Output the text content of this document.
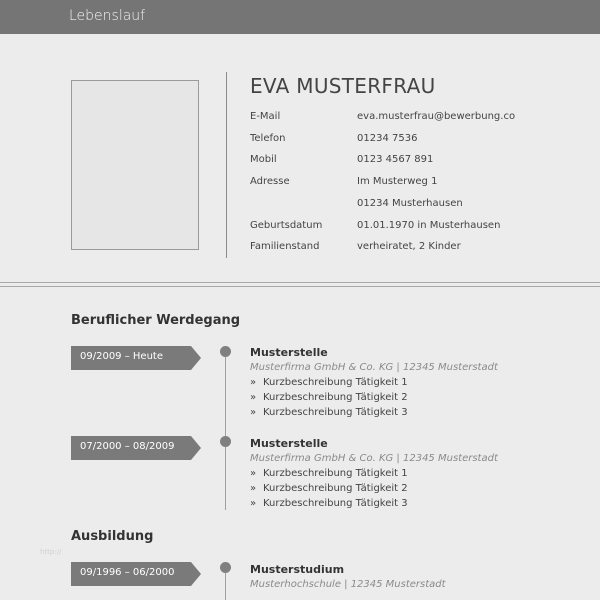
Lebenslauf
EVA MUSTERFRAU
E-Mail	eva.musterfrau@bewerbung.co
Telefon	01234 7536
Mobil	0123 4567 891
Adresse	Im Musterweg 1
01234 Musterhausen
Geburtsdatum	01.01.1970 in Musterhausen
Familienstand	verheiratet, 2 Kinder
Beruflicher Werdegang
09/2009 – Heute	Musterstelle
Musterfirma GmbH & Co. KG | 12345 Musterstadt
» Kurzbeschreibung Tätigkeit 1
» Kurzbeschreibung Tätigkeit 2
» Kurzbeschreibung Tätigkeit 3
07/2000 – 08/2009	Musterstelle
Musterfirma GmbH & Co. KG | 12345 Musterstadt
» Kurzbeschreibung Tätigkeit 1
» Kurzbeschreibung Tätigkeit 2
» Kurzbeschreibung Tätigkeit 3
Ausbildung
09/1996 – 06/2000	Musterstudium
Musterhochschule | 12345 Musterstadt
http://
